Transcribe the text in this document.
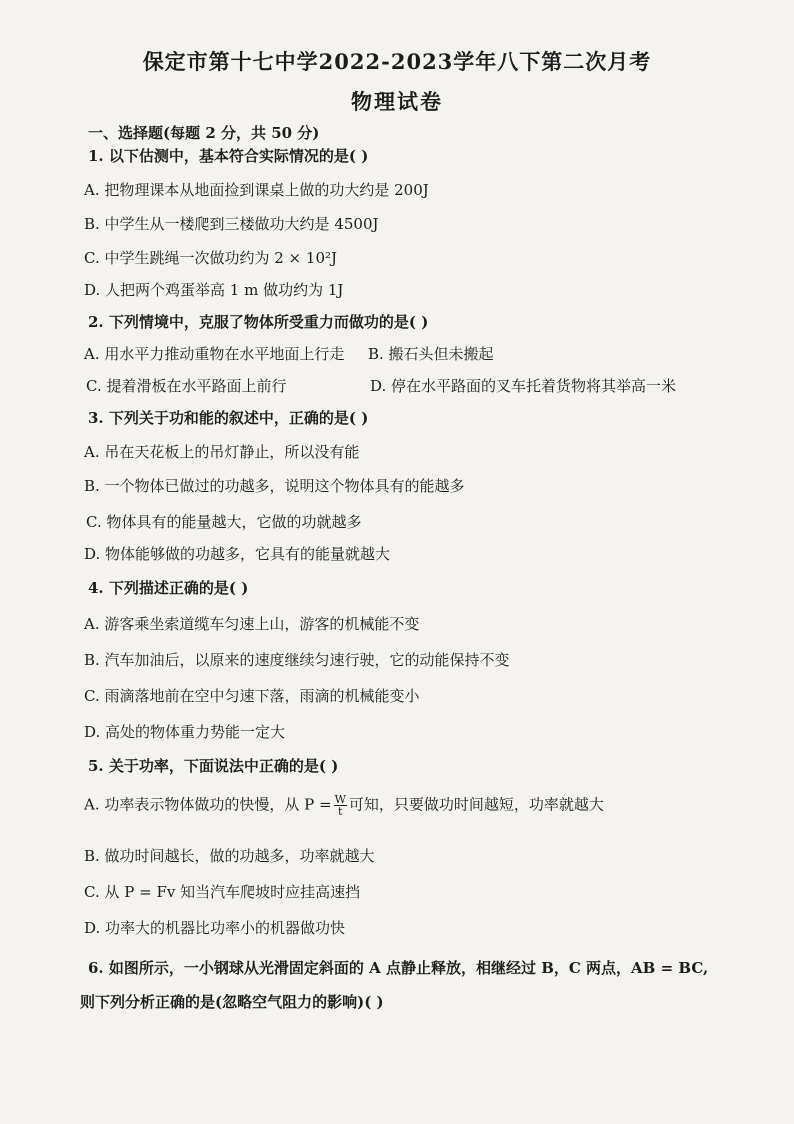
保定市第十七中学2022-2023学年八下第二次月考
物理试卷
一、选择题(每题 2 分，共 50 分)
1. 以下估测中，基本符合实际情况的是( )
A. 把物理课本从地面捡到课桌上做的功大约是 200J
B. 中学生从一楼爬到三楼做功大约是 4500J
C. 中学生跳绳一次做功约为 2 × 10²J
D. 人把两个鸡蛋举高 1 m 做功约为 1J
2. 下列情境中，克服了物体所受重力而做功的是( )
A. 用水平力推动重物在水平地面上行走 B. 搬石头但未搬起
C. 提着滑板在水平路面上前行	D. 停在水平路面的叉车托着货物将其举高一米
3. 下列关于功和能的叙述中，正确的是( )
A. 吊在天花板上的吊灯静止，所以没有能
B. 一个物体已做过的功越多，说明这个物体具有的能越多
C. 物体具有的能量越大，它做的功就越多
D. 物体能够做的功越多，它具有的能量就越大
4. 下列描述正确的是( )
A. 游客乘坐索道缆车匀速上山，游客的机械能不变
B. 汽车加油后，以原来的速度继续匀速行驶，它的动能保持不变
C. 雨滴落地前在空中匀速下落，雨滴的机械能变小
D. 高处的物体重力势能一定大
5. 关于功率，下面说法中正确的是( )
A. 功率表示物体做功的快慢，从 $P = \frac{W}{t}$ 可知，只要做功时间越短，功率就越大
B. 做功时间越长，做的功越多，功率就越大
C. 从 P = Fv 知当汽车爬坡时应挂高速挡
D. 功率大的机器比功率小的机器做功快
6. 如图所示，一小钢球从光滑固定斜面的 A 点静止释放，相继经过 B，C 两点，AB = BC,
则下列分析正确的是(忽略空气阻力的影响)( )
